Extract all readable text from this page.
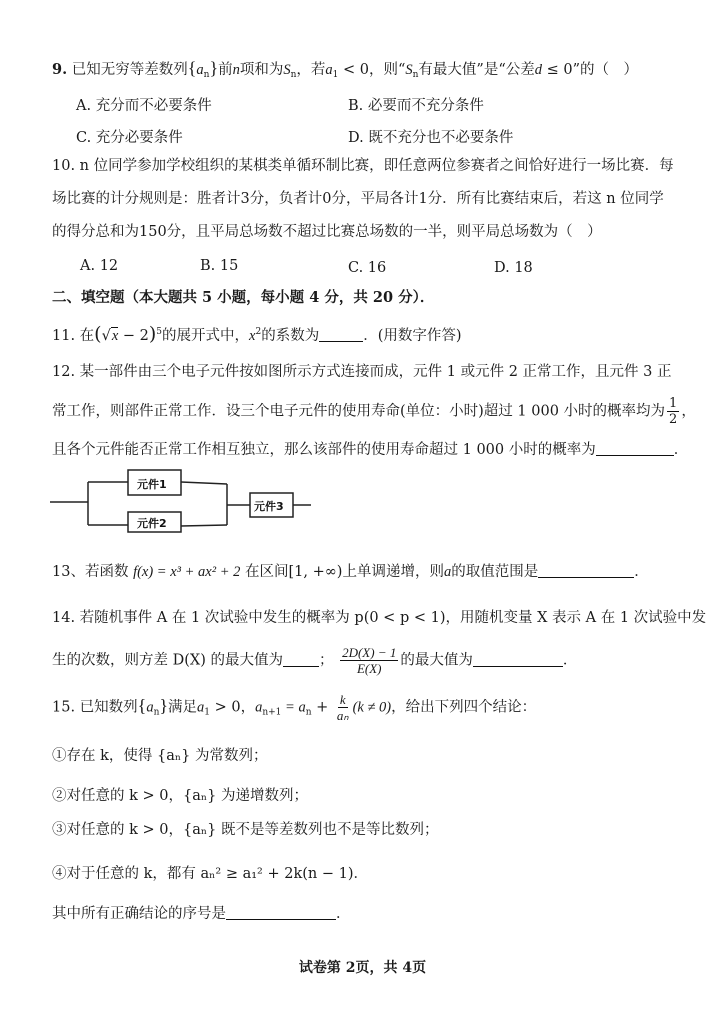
9. 已知无穷等差数列$\{a_n\}$前n项和为$S_n$，若$a_1 < 0$，则“$S_n$有最大值”是“公差d ≤ 0”的（　）
A. 充分而不必要条件	B. 必要而不充分条件
C. 充分必要条件	D. 既不充分也不必要条件
10. n 位同学参加学校组织的某棋类单循环制比赛，即任意两位参赛者之间恰好进行一场比赛．每
场比赛的计分规则是：胜者计3分，负者计0分，平局各计1分．所有比赛结束后，若这 n 位同学
的得分总和为150分，且平局总场数不超过比赛总场数的一半，则平局总场数为（　）
A. 12	B. 15	C. 16	D. 18
二、填空题（本大题共 5 小题，每小题 4 分，共 20 分）．
11. 在$(√x - 2)^5$的展开式中，$x^2$的系数为	．(用数字作答)
12. 某一部件由三个电子元件按如图所示方式连接而成，元件 1 或元件 2 正常工作，且元件 3 正
常工作，则部件正常工作．设三个电子元件的使用寿命(单位：小时)超过 1 000 小时的概率均为 $\frac{1}{2}$ ，
且各个元件能否正常工作相互独立，那么该部件的使用寿命超过 1 000 小时的概率为	．
元件1
元件2
元件3
13、若函数 f(x) = x³ + ax² + 2 在区间[1, +∞)上单调递增，则a的取值范围是	．
14. 若随机事件 A 在 1 次试验中发生的概率为 p(0 < p < 1)，用随机变量 X 表示 A 在 1 次试验中发
生的次数，则方差 D(X) 的最大值为 ； $\frac{2D(X) - 1}{E(X)}$ 的最大值为	．
15. 已知数列$\{a_n\}$满足$a_1 > 0$，$a_{n+1} = a_n + \frac{k}{\text{aₙ}} (k \ne 0)$，给出下列四个结论：
①存在 k，使得 {aₙ} 为常数列；
②对任意的 k > 0，{aₙ} 为递增数列；
③对任意的 k > 0，{aₙ} 既不是等差数列也不是等比数列；
④对于任意的 k，都有 aₙ² ≥ a₁² + 2k(n − 1)．
其中所有正确结论的序号是	．
试卷第 2页，共 4页
